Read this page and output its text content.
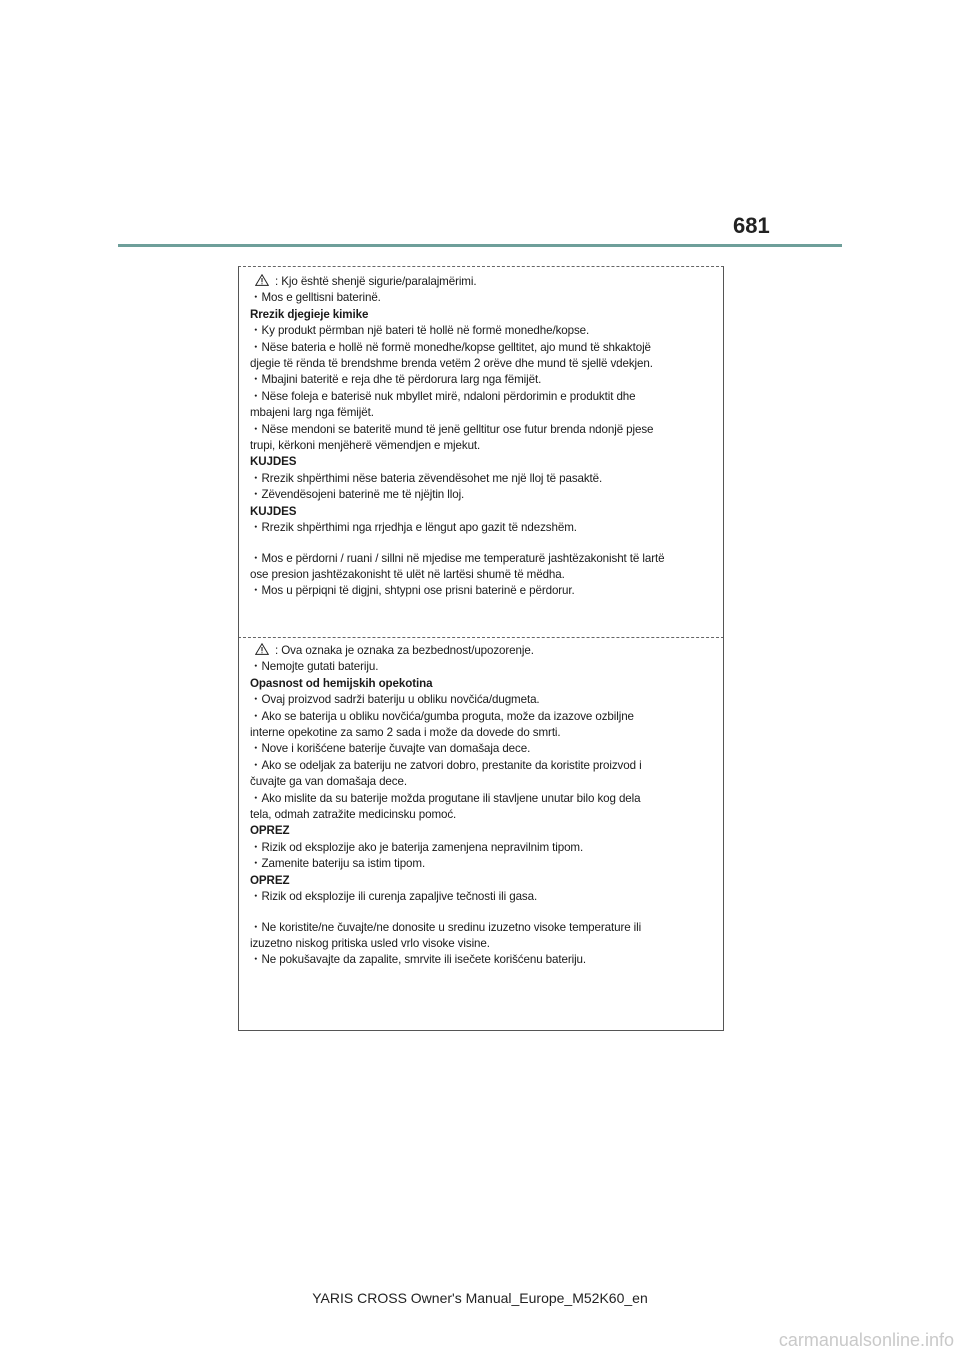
681
: Kjo është shenjë sigurie/paralajmërimi.
・Mos e gelltisni baterinë.
Rrezik djegieje kimike
・Ky produkt përmban një bateri të hollë në formë monedhe/kopse.
・Nëse bateria e hollë në formë monedhe/kopse gelltitet, ajo mund të shkaktojë
djegie të rënda të brendshme brenda vetëm 2 orëve dhe mund të sjellë vdekjen.
・Mbajini bateritë e reja dhe të përdorura larg nga fëmijët.
・Nëse foleja e baterisë nuk mbyllet mirë, ndaloni përdorimin e produktit dhe
mbajeni larg nga fëmijët.
・Nëse mendoni se bateritë mund të jenë gelltitur ose futur brenda ndonjë pjese
trupi, kërkoni menjëherë vëmendjen e mjekut.
KUJDES
・Rrezik shpërthimi nëse bateria zëvendësohet me një lloj të pasaktë.
・Zëvendësojeni baterinë me të njëjtin lloj.
KUJDES
・Rrezik shpërthimi nga rrjedhja e lëngut apo gazit të ndezshëm.
・Mos e përdorni / ruani / sillni në mjedise me temperaturë jashtëzakonisht të lartë
ose presion jashtëzakonisht të ulët në lartësi shumë të mëdha.
・Mos u përpiqni të digjni, shtypni ose prisni baterinë e përdorur.
: Ova oznaka je oznaka za bezbednost/upozorenje.
・Nemojte gutati bateriju.
Opasnost od hemijskih opekotina
・Ovaj proizvod sadrži bateriju u obliku novčića/dugmeta.
・Ako se baterija u obliku novčića/gumba proguta, može da izazove ozbiljne
interne opekotine za samo 2 sada i može da dovede do smrti.
・Nove i korišćene baterije čuvajte van domašaja dece.
・Ako se odeljak za bateriju ne zatvori dobro, prestanite da koristite proizvod i
čuvajte ga van domašaja dece.
・Ako mislite da su baterije možda progutane ili stavljene unutar bilo kog dela
tela, odmah zatražite medicinsku pomoć.
OPREZ
・Rizik od eksplozije ako je baterija zamenjena nepravilnim tipom.
・Zamenite bateriju sa istim tipom.
OPREZ
・Rizik od eksplozije ili curenja zapaljive tečnosti ili gasa.
・Ne koristite/ne čuvajte/ne donosite u sredinu izuzetno visoke temperature ili
izuzetno niskog pritiska usled vrlo visoke visine.
・Ne pokušavajte da zapalite, smrvite ili isečete korišćenu bateriju.
YARIS CROSS Owner's Manual_Europe_M52K60_en
carmanualsonline.info
